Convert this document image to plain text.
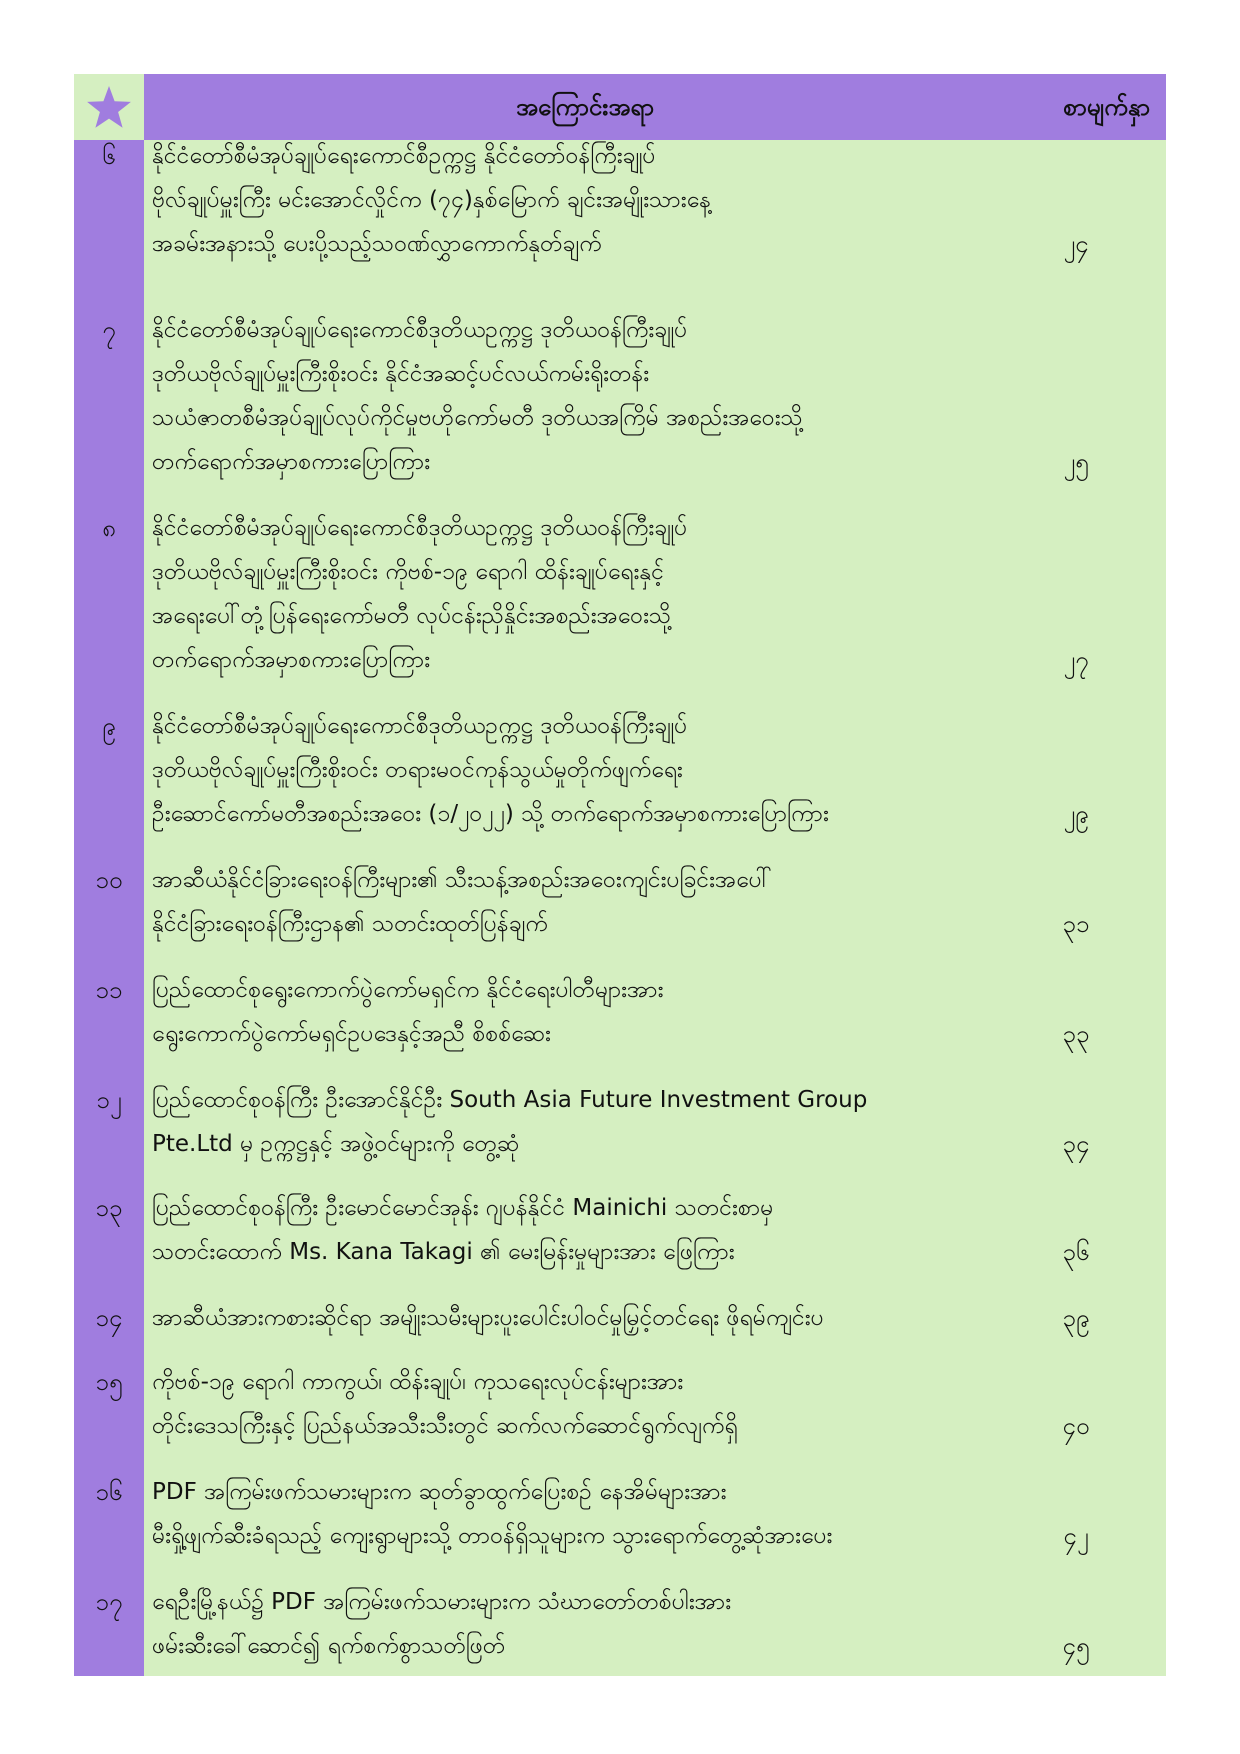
အကြောင်းအရာ	စာမျက်နှာ
၆	နိုင်ငံတော်စီမံအုပ်ချုပ်ရေးကောင်စီဥက္ကဋ္ဌ နိုင်ငံတော်ဝန်ကြီးချုပ်
ဗိုလ်ချုပ်မှူးကြီး မင်းအောင်လှိုင်က (၇၄)နှစ်မြောက် ချင်းအမျိုးသားနေ့
အခမ်းအနားသို့ ပေးပို့သည့်သဝဏ်လွှာကောက်နုတ်ချက်	၂၄
၇	နိုင်ငံတော်စီမံအုပ်ချုပ်ရေးကောင်စီဒုတိယဥက္ကဋ္ဌ ဒုတိယဝန်ကြီးချုပ်
ဒုတိယဗိုလ်ချုပ်မှူးကြီးစိုးဝင်း နိုင်ငံအဆင့်ပင်လယ်ကမ်းရိုးတန်း
သယံဇာတစီမံအုပ်ချုပ်လုပ်ကိုင်မှုဗဟိုကော်မတီ ဒုတိယအကြိမ် အစည်းအဝေးသို့
တက်ရောက်အမှာစကားပြောကြား	၂၅
၈	နိုင်ငံတော်စီမံအုပ်ချုပ်ရေးကောင်စီဒုတိယဥက္ကဋ္ဌ ဒုတိယဝန်ကြီးချုပ်
ဒုတိယဗိုလ်ချုပ်မှူးကြီးစိုးဝင်း ကိုဗစ်-၁၉ ရောဂါ ထိန်းချုပ်ရေးနှင့်
အရေးပေါ်တုံ့ပြန်ရေးကော်မတီ လုပ်ငန်းညှိနှိုင်းအစည်းအဝေးသို့
တက်ရောက်အမှာစကားပြောကြား	၂၇
၉	နိုင်ငံတော်စီမံအုပ်ချုပ်ရေးကောင်စီဒုတိယဥက္ကဋ္ဌ ဒုတိယဝန်ကြီးချုပ်
ဒုတိယဗိုလ်ချုပ်မှူးကြီးစိုးဝင်း တရားမဝင်ကုန်သွယ်မှုတိုက်ဖျက်ရေး
ဦးဆောင်ကော်မတီအစည်းအဝေး (၁/၂၀၂၂) သို့ တက်ရောက်အမှာစကားပြောကြား	၂၉
၁၀	အာဆီယံနိုင်ငံခြားရေးဝန်ကြီးများ၏ သီးသန့်အစည်းအဝေးကျင်းပခြင်းအပေါ်
နိုင်ငံခြားရေးဝန်ကြီးဌာန၏ သတင်းထုတ်ပြန်ချက်	၃၁
၁၁	ပြည်ထောင်စုရွေးကောက်ပွဲကော်မရှင်က နိုင်ငံရေးပါတီများအား
ရွေးကောက်ပွဲကော်မရှင်ဥပဒေနှင့်အညီ စိစစ်ဆေး	၃၃
၁၂	ပြည်ထောင်စုဝန်ကြီး ဦးအောင်နိုင်ဦး South Asia Future Investment Group
Pte.Ltd မှ ဥက္ကဋ္ဌနှင့် အဖွဲ့ဝင်များကို တွေ့ဆုံ	၃၄
၁၃	ပြည်ထောင်စုဝန်ကြီး ဦးမောင်မောင်အုန်း ဂျပန်နိုင်ငံ Mainichi သတင်းစာမှ
သတင်းထောက် Ms. Kana Takagi ၏ မေးမြန်းမှုများအား ဖြေကြား	၃၆
၁၄	အာဆီယံအားကစားဆိုင်ရာ အမျိုးသမီးများပူးပေါင်းပါဝင်မှုမြှင့်တင်ရေး ဖိုရမ်ကျင်းပ	၃၉
၁၅	ကိုဗစ်-၁၉ ရောဂါ ကာကွယ်၊ ထိန်းချုပ်၊ ကုသရေးလုပ်ငန်းများအား
တိုင်းဒေသကြီးနှင့် ပြည်နယ်အသီးသီးတွင် ဆက်လက်ဆောင်ရွက်လျက်ရှိ	၄၀
၁၆	PDF အကြမ်းဖက်သမားများက ဆုတ်ခွာထွက်ပြေးစဉ် နေအိမ်များအား
မီးရှို့ဖျက်ဆီးခံရသည့် ကျေးရွာများသို့ တာဝန်ရှိသူများက သွားရောက်တွေ့ဆုံအားပေး	၄၂
၁၇	ရေဦးမြို့နယ်၌ PDF အကြမ်းဖက်သမားများက သံဃာတော်တစ်ပါးအား
ဖမ်းဆီးခေါ်ဆောင်၍ ရက်စက်စွာသတ်ဖြတ်	၄၅
